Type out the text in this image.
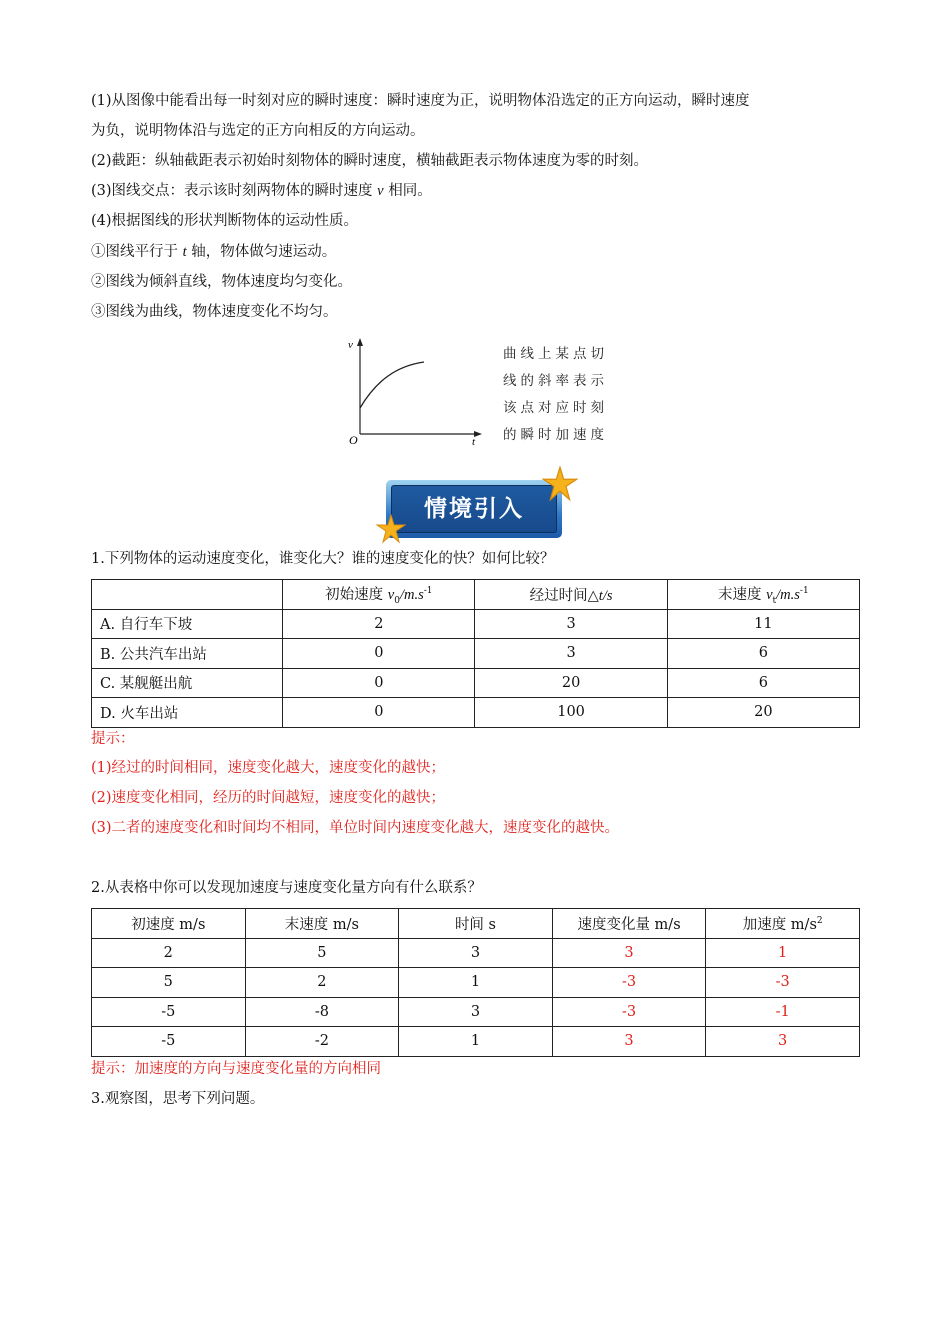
(1)从图像中能看出每一时刻对应的瞬时速度：瞬时速度为正，说明物体沿选定的正方向运动，瞬时速度
为负，说明物体沿与选定的正方向相反的方向运动。
(2)截距：纵轴截距表示初始时刻物体的瞬时速度，横轴截距表示物体速度为零的时刻。
(3)图线交点：表示该时刻两物体的瞬时速度 v 相同。
(4)根据图线的形状判断物体的运动性质。
①图线平行于 t 轴，物体做匀速运动。
②图线为倾斜直线，物体速度均匀变化。
③图线为曲线，物体速度变化不均匀。
v
t
O
曲线上某点切
线的斜率表示
该点对应时刻
的瞬时加速度
情境引入
1.下列物体的运动速度变化，谁变化大？谁的速度变化的快？如何比较？
	初始速度 $v_0/m.s^{-1}$	经过时间△t/s	末速度 $v_t/m.s^{-1}$
A. 自行车下坡	2	3	11
B. 公共汽车出站	0	3	6
C. 某舰艇出航	0	20	6
D. 火车出站	0	100	20
提示：
(1)经过的时间相同，速度变化越大，速度变化的越快；
(2)速度变化相同，经历的时间越短，速度变化的越快；
(3)二者的速度变化和时间均不相同，单位时间内速度变化越大，速度变化的越快。
2.从表格中你可以发现加速度与速度变化量方向有什么联系？
初速度 m/s	末速度 m/s	时间 s	速度变化量 m/s	加速度 $m/s^2$
2	5	3	3	1
5	2	1	-3	-3
-5	-8	3	-3	-1
-5	-2	1	3	3
提示：加速度的方向与速度变化量的方向相同
3.观察图，思考下列问题。
